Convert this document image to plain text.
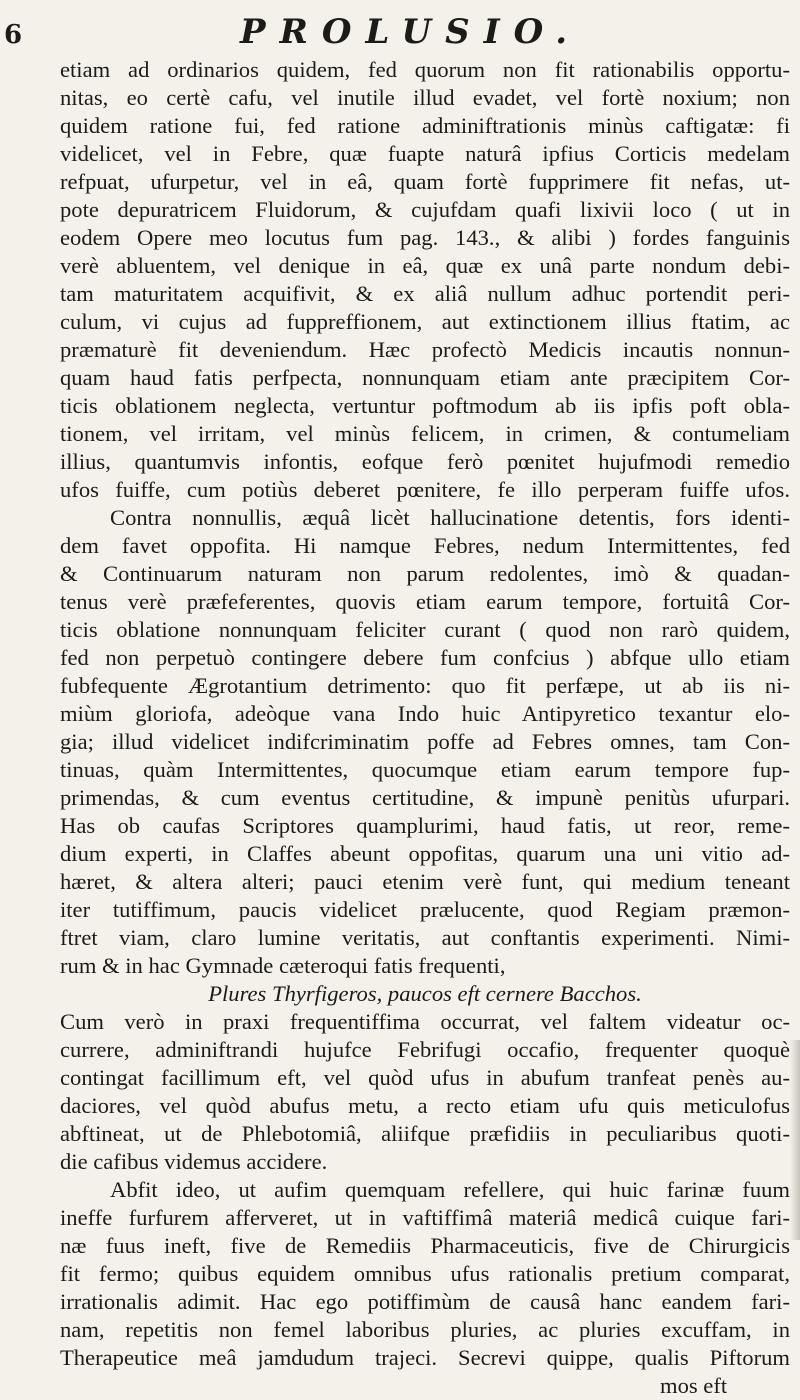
6	PROLUSIO.
etiam ad ordinarios quidem, fed quorum non fit rationabilis opportu-
nitas, eo certè cafu, vel inutile illud evadet, vel fortè noxium; non
quidem ratione fui, fed ratione adminiftrationis minùs caftigatæ: fi
videlicet, vel in Febre, quæ fuapte naturâ ipfius Corticis medelam
refpuat, ufurpetur, vel in eâ, quam fortè fupprimere fit nefas, ut-
pote depuratricem Fluidorum, & cujufdam quafi lixivii loco ( ut in
eodem Opere meo locutus fum pag. 143., & alibi ) fordes fanguinis
verè abluentem, vel denique in eâ, quæ ex unâ parte nondum debi-
tam maturitatem acquifivit, & ex aliâ nullum adhuc portendit peri-
culum, vi cujus ad fuppreffionem, aut extinctionem illius ftatim, ac
præmaturè fit deveniendum. Hæc profectò Medicis incautis nonnun-
quam haud fatis perfpecta, nonnunquam etiam ante præcipitem Cor-
ticis oblationem neglecta, vertuntur poftmodum ab iis ipfis poft obla-
tionem, vel irritam, vel minùs felicem, in crimen, & contumeliam
illius, quantumvis infontis, eofque ferò pœnitet hujufmodi remedio
ufos fuiffe, cum potiùs deberet pœnitere, fe illo perperam fuiffe ufos.
Contra nonnullis, æquâ licèt hallucinatione detentis, fors identi-
dem favet oppofita. Hi namque Febres, nedum Intermittentes, fed
& Continuarum naturam non parum redolentes, imò & quadan-
tenus verè præfeferentes, quovis etiam earum tempore, fortuitâ Cor-
ticis oblatione nonnunquam feliciter curant ( quod non rarò quidem,
fed non perpetuò contingere debere fum confcius ) abfque ullo etiam
fubfequente Ægrotantium detrimento: quo fit perfæpe, ut ab iis ni-
miùm gloriofa, adeòque vana Indo huic Antipyretico texantur elo-
gia; illud videlicet indifcriminatim poffe ad Febres omnes, tam Con-
tinuas, quàm Intermittentes, quocumque etiam earum tempore fup-
primendas, & cum eventus certitudine, & impunè penitùs ufurpari.
Has ob caufas Scriptores quamplurimi, haud fatis, ut reor, reme-
dium experti, in Claffes abeunt oppofitas, quarum una uni vitio ad-
hæret, & altera alteri; pauci etenim verè funt, qui medium teneant
iter tutiffimum, paucis videlicet prælucente, quod Regiam præmon-
ftret viam, claro lumine veritatis, aut conftantis experimenti. Nimi-
rum & in hac Gymnade cæteroqui fatis frequenti,
Plures Thyrfigeros, paucos eft cernere Bacchos.
Cum verò in praxi frequentiffima occurrat, vel faltem videatur oc-
currere, adminiftrandi hujufce Febrifugi occafio, frequenter quoquè
contingat facillimum eft, vel quòd ufus in abufum tranfeat penès au-
daciores, vel quòd abufus metu, a recto etiam ufu quis meticulofus
abftineat, ut de Phlebotomiâ, aliifque præfidiis in peculiaribus quoti-
die cafibus videmus accidere.
Abfit ideo, ut aufim quemquam refellere, qui huic farinæ fuum
ineffe furfurem afferveret, ut in vaftiffimâ materiâ medicâ cuique fari-
næ fuus ineft, five de Remediis Pharmaceuticis, five de Chirurgicis
fit fermo; quibus equidem omnibus ufus rationalis pretium comparat,
irrationalis adimit. Hac ego potiffimùm de causâ hanc eandem fari-
nam, repetitis non femel laboribus pluries, ac pluries excuffam, in
Therapeutice meâ jamdudum trajeci. Secrevi quippe, qualis Piftorum
mos eft
